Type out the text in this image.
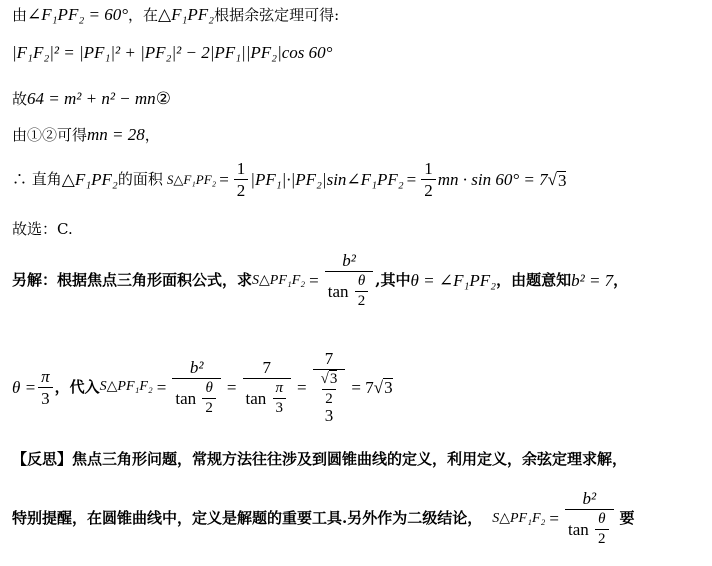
由∠F₁PF₂ = 60°，在△F₁PF₂根据余弦定理可得:
|F₁F₂|² = |PF₁|² + |PF₂|² − 2|PF₁||PF₂|cos 60°
故64 = m² + n² − mn②
由①②可得mn = 28，
∴ 直角 △F₁PF₂ 的面积 S△F₁PF₂ = $\frac{1}{2}$ |PF₁|·|PF₂|sin∠F₁PF₂ = $\frac{1}{2}$ mn · sin 60° = 7 √ 3
故选：C.
另解：根据焦点三角形面积公式，求 S△PF₁F₂ = b²
tan
$\frac{\theta}{2}$ ,其中 θ = ∠F₁PF₂ ，由题意知 b² = 7 ，
$\theta = \frac{\pi}{3}$ ，代入 S△PF₁F₂ = b²
tan
$\frac{\theta}{2} = 7$
tan
$\frac{\pi}{3} = 7$
$\frac{√3}{2}$
3 = 7 √ 3
【反思】焦点三角形问题，常规方法往往涉及到圆锥曲线的定义，利用定义，余弦定理求解，
特别提醒，在圆锥曲线中，定义是解题的重要工具.另外作为二级结论， S△PF₁F₂ = b²
tan
$\frac{\theta}{2}$ 要
